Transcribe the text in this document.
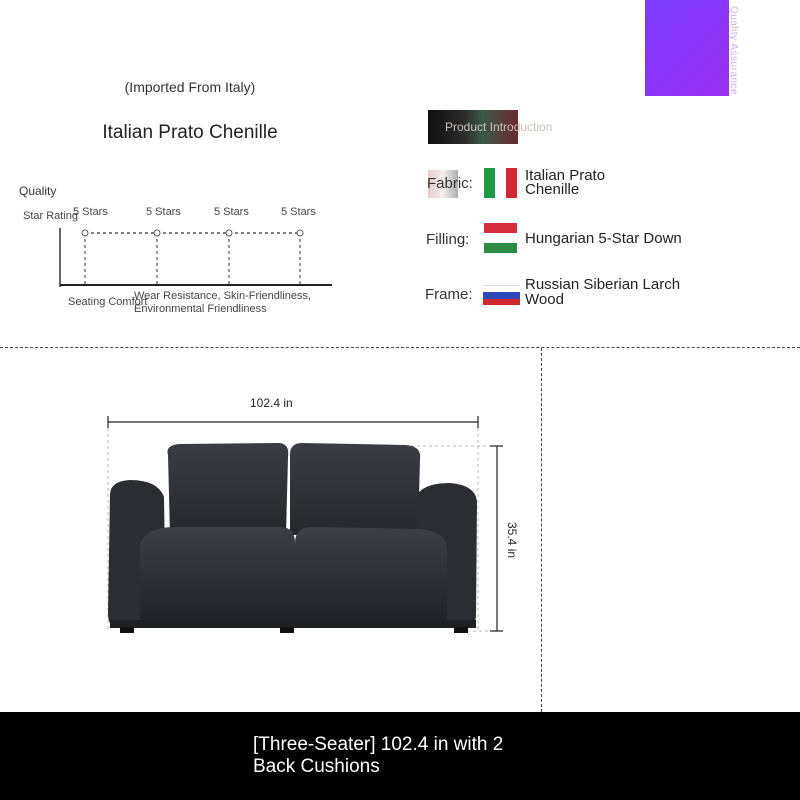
(Imported From Italy)
Italian Prato Chenille
Quality
Star Rating
5 Stars	5 Stars	5 Stars	5 Stars
Seating Comfort
Wear Resistance, Skin-Friendliness,
Environmental Friendliness
Quality Assurance
Product Introduction
Fabric:	Italian Prato
Chenille
Filling:	Hungarian 5-Star Down
Frame:
Russian Siberian Larch
Wood
102.4 in
35.4 in
[Three-Seater] 102.4 in with 2
Back Cushions
